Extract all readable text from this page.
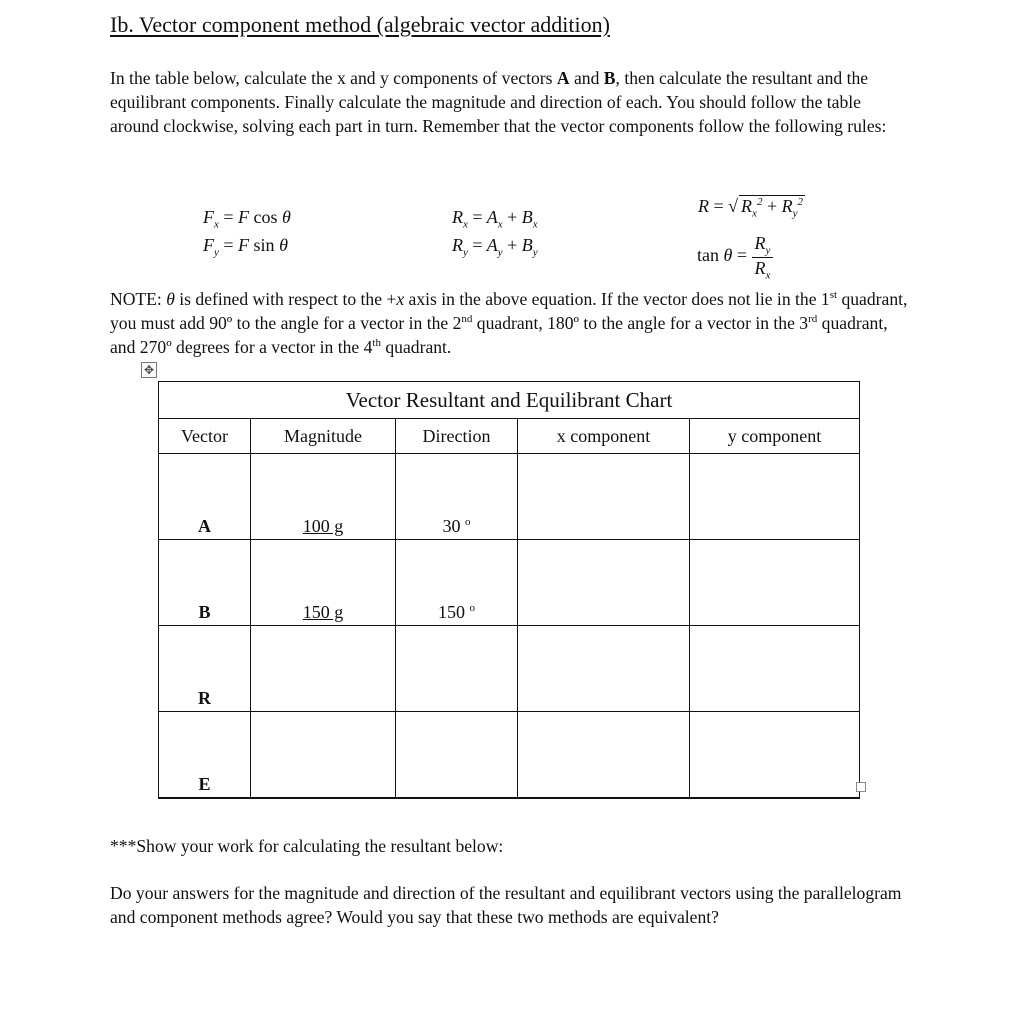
Ib. Vector component method (algebraic vector addition)
In the table below, calculate the x and y components of vectors A and B, then calculate the resultant and the equilibrant components. Finally calculate the magnitude and direction of each. You should follow the table around clockwise, solving each part in turn. Remember that the vector components follow the following rules:
$F_x = F$ cos θ
$F_y = F$ sin θ
$R_x = A_x + B_x$
$R_y = A_y + B_y$
R = √ $R_x^2 + R_y^2$
$\tan \theta = \frac{R_y}{R_x}$
NOTE: θ is defined with respect to the +x axis in the above equation. If the vector does not lie in the 1st quadrant, you must add 90º to the angle for a vector in the 2nd quadrant, 180º to the angle for a vector in the 3rd quadrant, and 270º degrees for a vector in the 4th quadrant.
✥
Vector Resultant and Equilibrant Chart				
Vector	Magnitude	Direction	x component	y component
A	100 g	30 $^o$		
B	150 g	150 $^o$		
R				
E				
***Show your work for calculating the resultant below:
Do your answers for the magnitude and direction of the resultant and equilibrant vectors using the parallelogram and component methods agree? Would you say that these two methods are equivalent?
